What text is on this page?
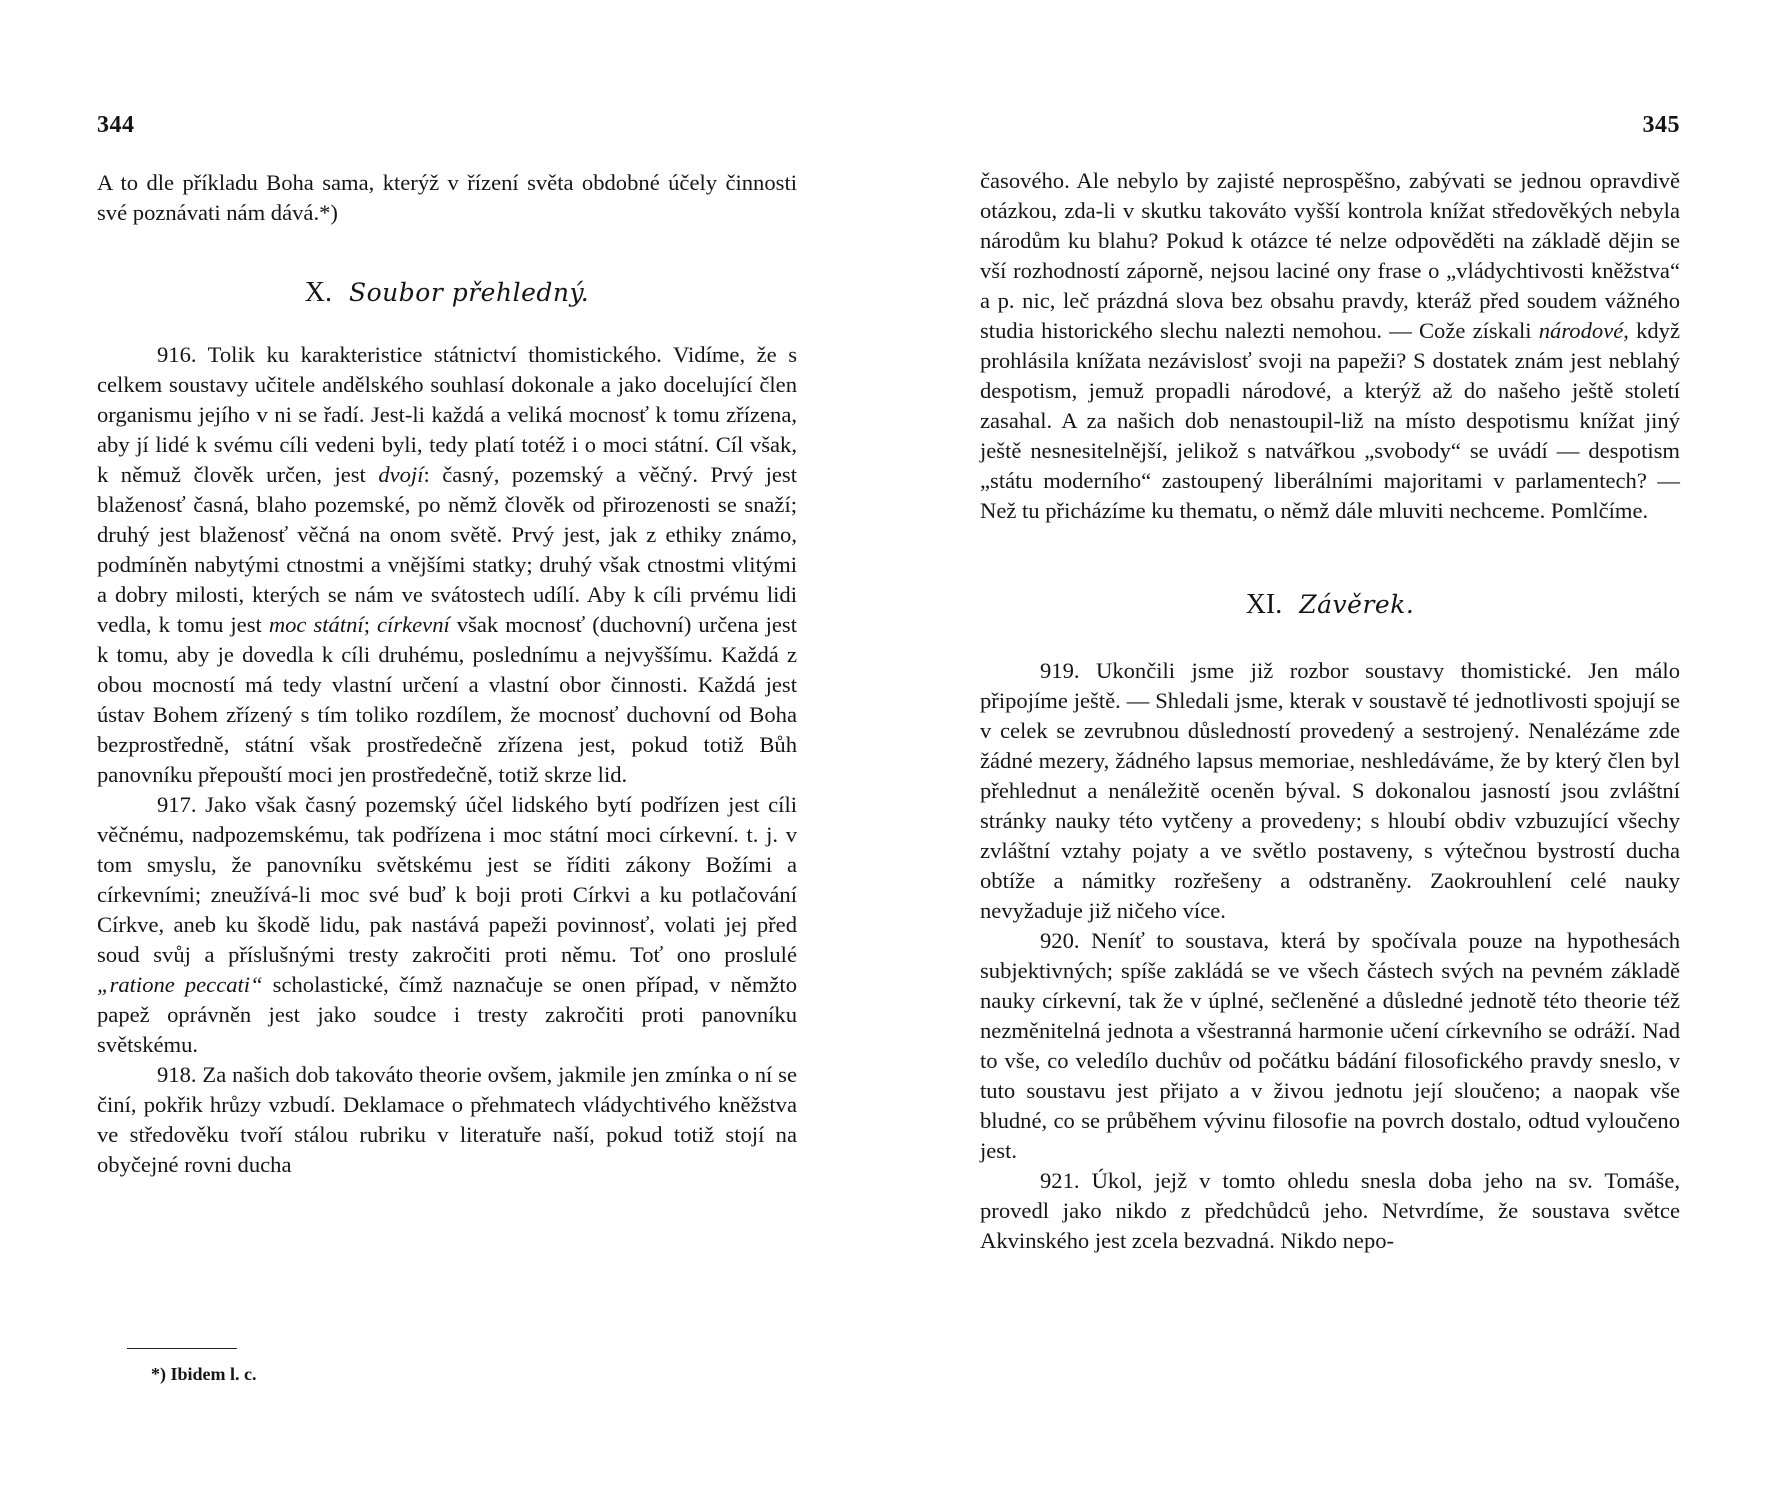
344

A to dle příkladu Boha sama, kterýž v řízení světa obdobné účely činnosti své poznávati nám dává.*)

X. Soubor přehledný.

916. Tolik ku karakteristice státnictví thomistického. Vidíme, že s celkem soustavy učitele andělského souhlasí dokonale a jako docelující člen organismu jejího v ni se řadí. Jest-li každá a veliká mocnosť k tomu zřízena, aby jí lidé k svému cíli vedeni byli, tedy platí totéž i o moci státní. Cíl však, k němuž člověk určen, jest dvojí: časný, pozemský a věčný. Prvý jest blaženosť časná, blaho pozemské, po němž člověk od přirozenosti se snaží; druhý jest blaženosť věčná na onom světě. Prvý jest, jak z ethiky známo, podmíněn nabytými ctnostmi a vnějšími statky; druhý však ctnostmi vlitými a dobry milosti, kterých se nám ve svátostech udílí. Aby k cíli prvému lidi vedla, k tomu jest moc státní; církevní však mocnosť (duchovní) určena jest k tomu, aby je dovedla k cíli druhému, poslednímu a nejvyššímu. Každá z obou mocností má tedy vlastní určení a vlastní obor činnosti. Každá jest ústav Bohem zřízený s tím toliko rozdílem, že mocnosť duchovní od Boha bezprostředně, státní však prostředečně zřízena jest, pokud totiž Bůh panovníku přepouští moci jen prostředečně, totiž skrze lid.

917. Jako však časný pozemský účel lidského bytí podřízen jest cíli věčnému, nadpozemskému, tak podřízena i moc státní moci církevní. t. j. v tom smyslu, že panovníku světskému jest se říditi zákony Božími a církevními; zneužívá-li moc své buď k boji proti Církvi a ku potlačování Církve, aneb ku škodě lidu, pak nastává papeži povinnosť, volati jej před soud svůj a příslušnými tresty zakročiti proti němu. Toť ono proslulé „ratione peccati“ scholastické, čímž naznačuje se onen případ, v němžto papež oprávněn jest jako soudce i tresty zakročiti proti panovníku světskému.

918. Za našich dob takováto theorie ovšem, jakmile jen zmínka o ní se činí, pokřik hrůzy vzbudí. Deklamace o přehmatech vládychtivého kněžstva ve středověku tvoří stálou rubriku v literatuře naší, pokud totiž stojí na obyčejné rovni ducha

*) Ibidem l. c.
345

časového. Ale nebylo by zajisté neprospěšno, zabývati se jednou opravdivě otázkou, zda-li v skutku takováto vyšší kontrola knížat středověkých nebyla národům ku blahu? Pokud k otázce té nelze odpověděti na základě dějin se vší rozhodností záporně, nejsou laciné ony frase o „vládychtivosti kněžstva“ a p. nic, leč prázdná slova bez obsahu pravdy, kteráž před soudem vážného studia historického slechu nalezti nemohou. — Cože získali národové, když prohlásila knížata nezávislosť svoji na papeži? S dostatek znám jest neblahý despotism, jemuž propadli národové, a kterýž až do našeho ještě století zasahal. A za našich dob nenastoupil-liž na místo despotismu knížat jiný ještě nesnesitelnější, jelikož s natvářkou „svobody“ se uvádí — despotism „státu moderního“ zastoupený liberálními majoritami v parlamentech? — Než tu přicházíme ku thematu, o němž dále mluviti nechceme. Pomlčíme.

XI. Závěrek.

919. Ukončili jsme již rozbor soustavy thomistické. Jen málo připojíme ještě. — Shledali jsme, kterak v soustavě té jednotlivosti spojují se v celek se zevrubnou důsledností provedený a sestrojený. Nenalézáme zde žádné mezery, žádného lapsus memoriae, neshledáváme, že by který člen byl přehlednut a nenáležitě oceněn býval. S dokonalou jasností jsou zvláštní stránky nauky této vytčeny a provedeny; s hloubí obdiv vzbuzující všechy zvláštní vztahy pojaty a ve světlo postaveny, s výtečnou bystrostí ducha obtíže a námitky rozřešeny a odstraněny. Zaokrouhlení celé nauky nevyžaduje již ničeho více.

920. Neníť to soustava, která by spočívala pouze na hypothesách subjektivných; spíše zakládá se ve všech částech svých na pevném základě nauky církevní, tak že v úplné, sečleněné a důsledné jednotě této theorie též nezměnitelná jednota a všestranná harmonie učení církevního se odráží. Nad to vše, co veledílo duchův od počátku bádání filosofického pravdy sneslo, v tuto soustavu jest přijato a v živou jednotu její sloučeno; a naopak vše bludné, co se průběhem vývinu filosofie na povrch dostalo, odtud vyloučeno jest.

921. Úkol, jejž v tomto ohledu snesla doba jeho na sv. Tomáše, provedl jako nikdo z předchůdců jeho. Netvrdíme, že soustava světce Akvinského jest zcela bezvadná. Nikdo nepo-
